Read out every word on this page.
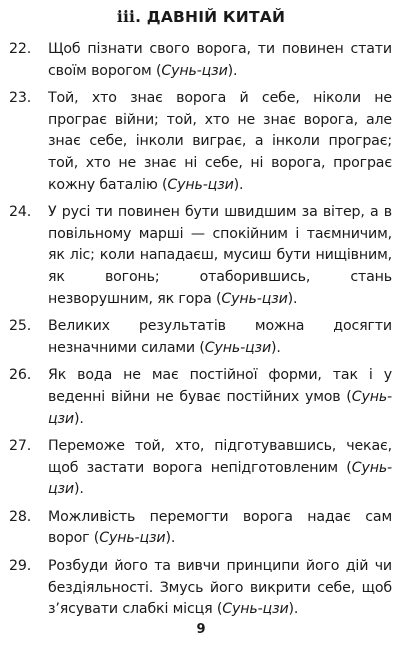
ііі. ДАВНІЙ КИТАЙ
22.	Щоб пізнати свого ворога, ти повинен стати своїм ворогом (Сунь-цзи).
23.	Той, хто знає ворога й себе, ніколи не програє війни; той, хто не знає ворога, але знає себе, інколи виграє, а інколи програє; той, хто не знає ні себе, ні ворога, програє кожну баталію (Сунь-цзи).
24.	У русі ти повинен бути швидшим за вітер, а в повільному марші — спокійним і таємничим, як ліс; коли нападаєш, мусиш бути нищівним, як вогонь; отаборившись, стань незворушним, як гора (Сунь-цзи).
25.	Великих результатів можна досягти незначними силами (Сунь-цзи).
26.	Як вода не має постійної форми, так і у веденні війни не буває постійних умов (Сунь-цзи).
27.	Переможе той, хто, підготувавшись, чекає, щоб застати ворога непідготовленим (Сунь-цзи).
28.	Можливість перемогти ворога надає сам ворог (Сунь-цзи).
29.	Розбуди його та вивчи принципи його дій чи бездіяльності. Змусь його викрити себе, щоб з’ясувати слабкі місця (Сунь-цзи).
9
